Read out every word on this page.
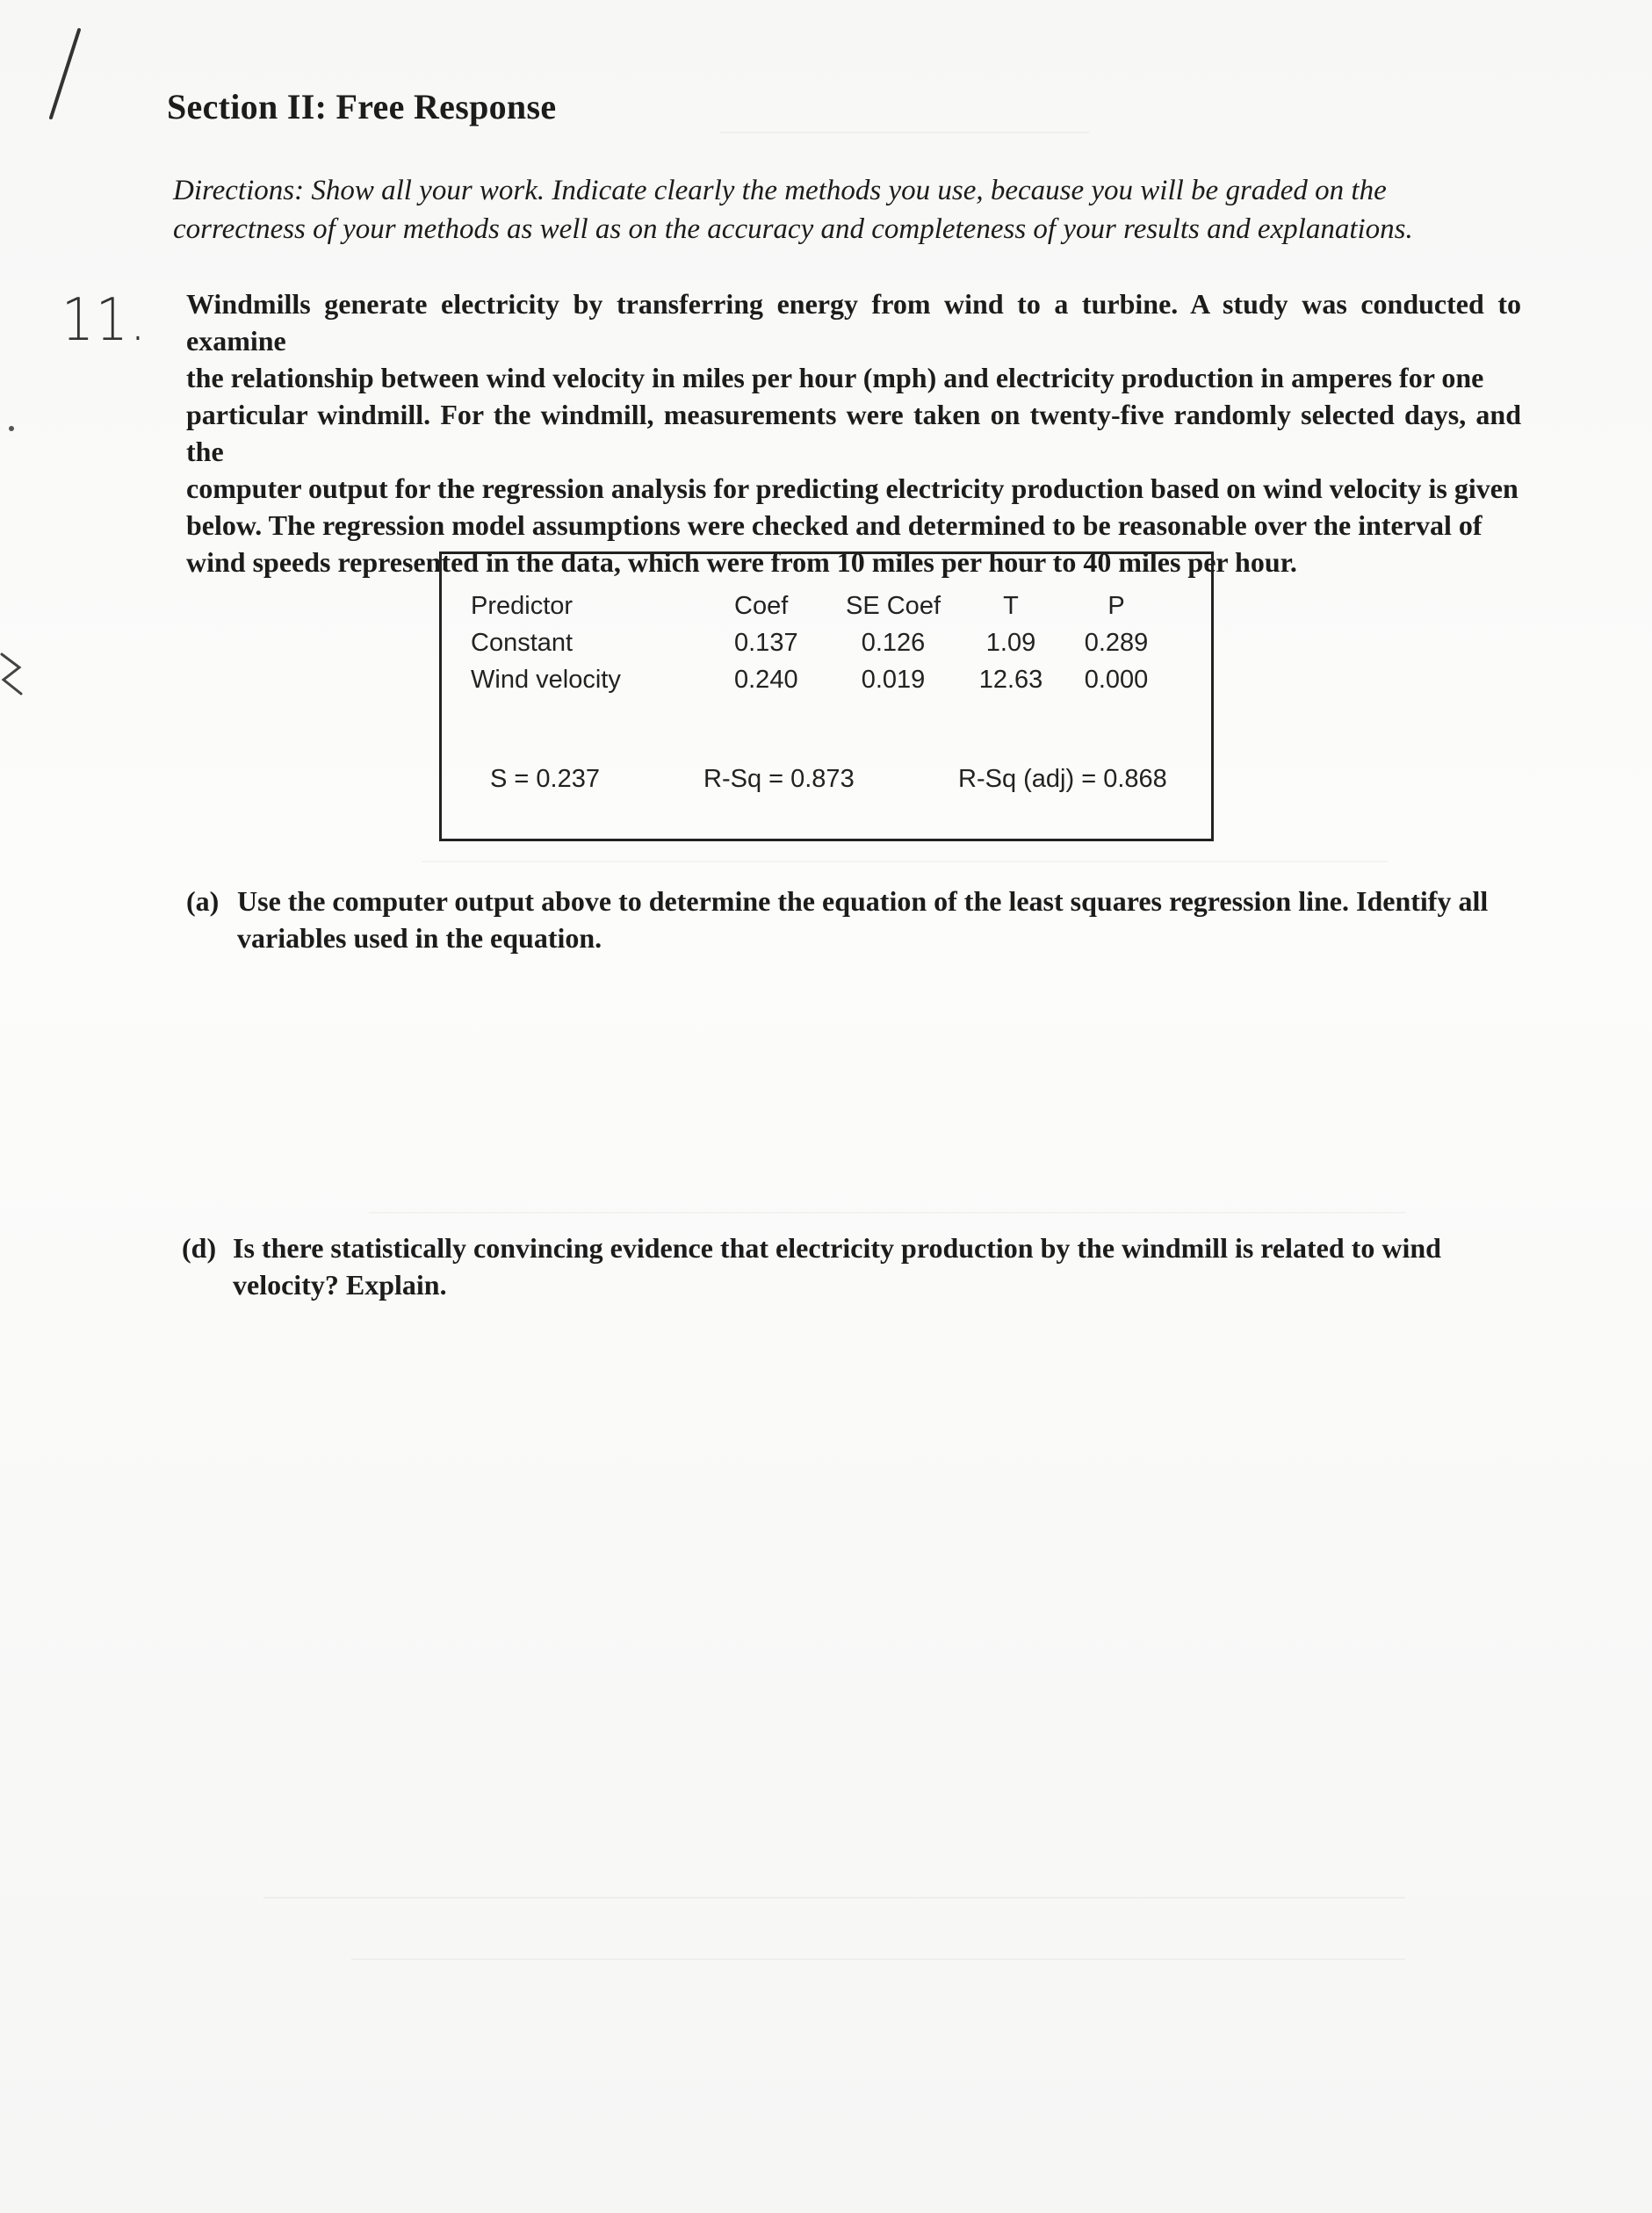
11.
Section II: Free Response
Directions: Show all your work. Indicate clearly the methods you use, because you will be graded on the
correctness of your methods as well as on the accuracy and completeness of your results and explanations.
Windmills generate electricity by transferring energy from wind to a turbine. A study was conducted to examine
the relationship between wind velocity in miles per hour (mph) and electricity production in amperes for one
particular windmill. For the windmill, measurements were taken on twenty-five randomly selected days, and the
computer output for the regression analysis for predicting electricity production based on wind velocity is given
below. The regression model assumptions were checked and determined to be reasonable over the interval of
wind speeds represented in the data, which were from 10 miles per hour to 40 miles per hour.
Predictor	Coef	SE Coef	T	P
Constant	0.137	0.126	1.09	0.289
Wind velocity	0.240	0.019	12.63	0.000
S = 0.237	R-Sq = 0.873	R-Sq (adj) = 0.868
(a) Use the computer output above to determine the equation of the least squares regression line. Identify all
variables used in the equation.
(d) Is there statistically convincing evidence that electricity production by the windmill is related to wind
velocity? Explain.
